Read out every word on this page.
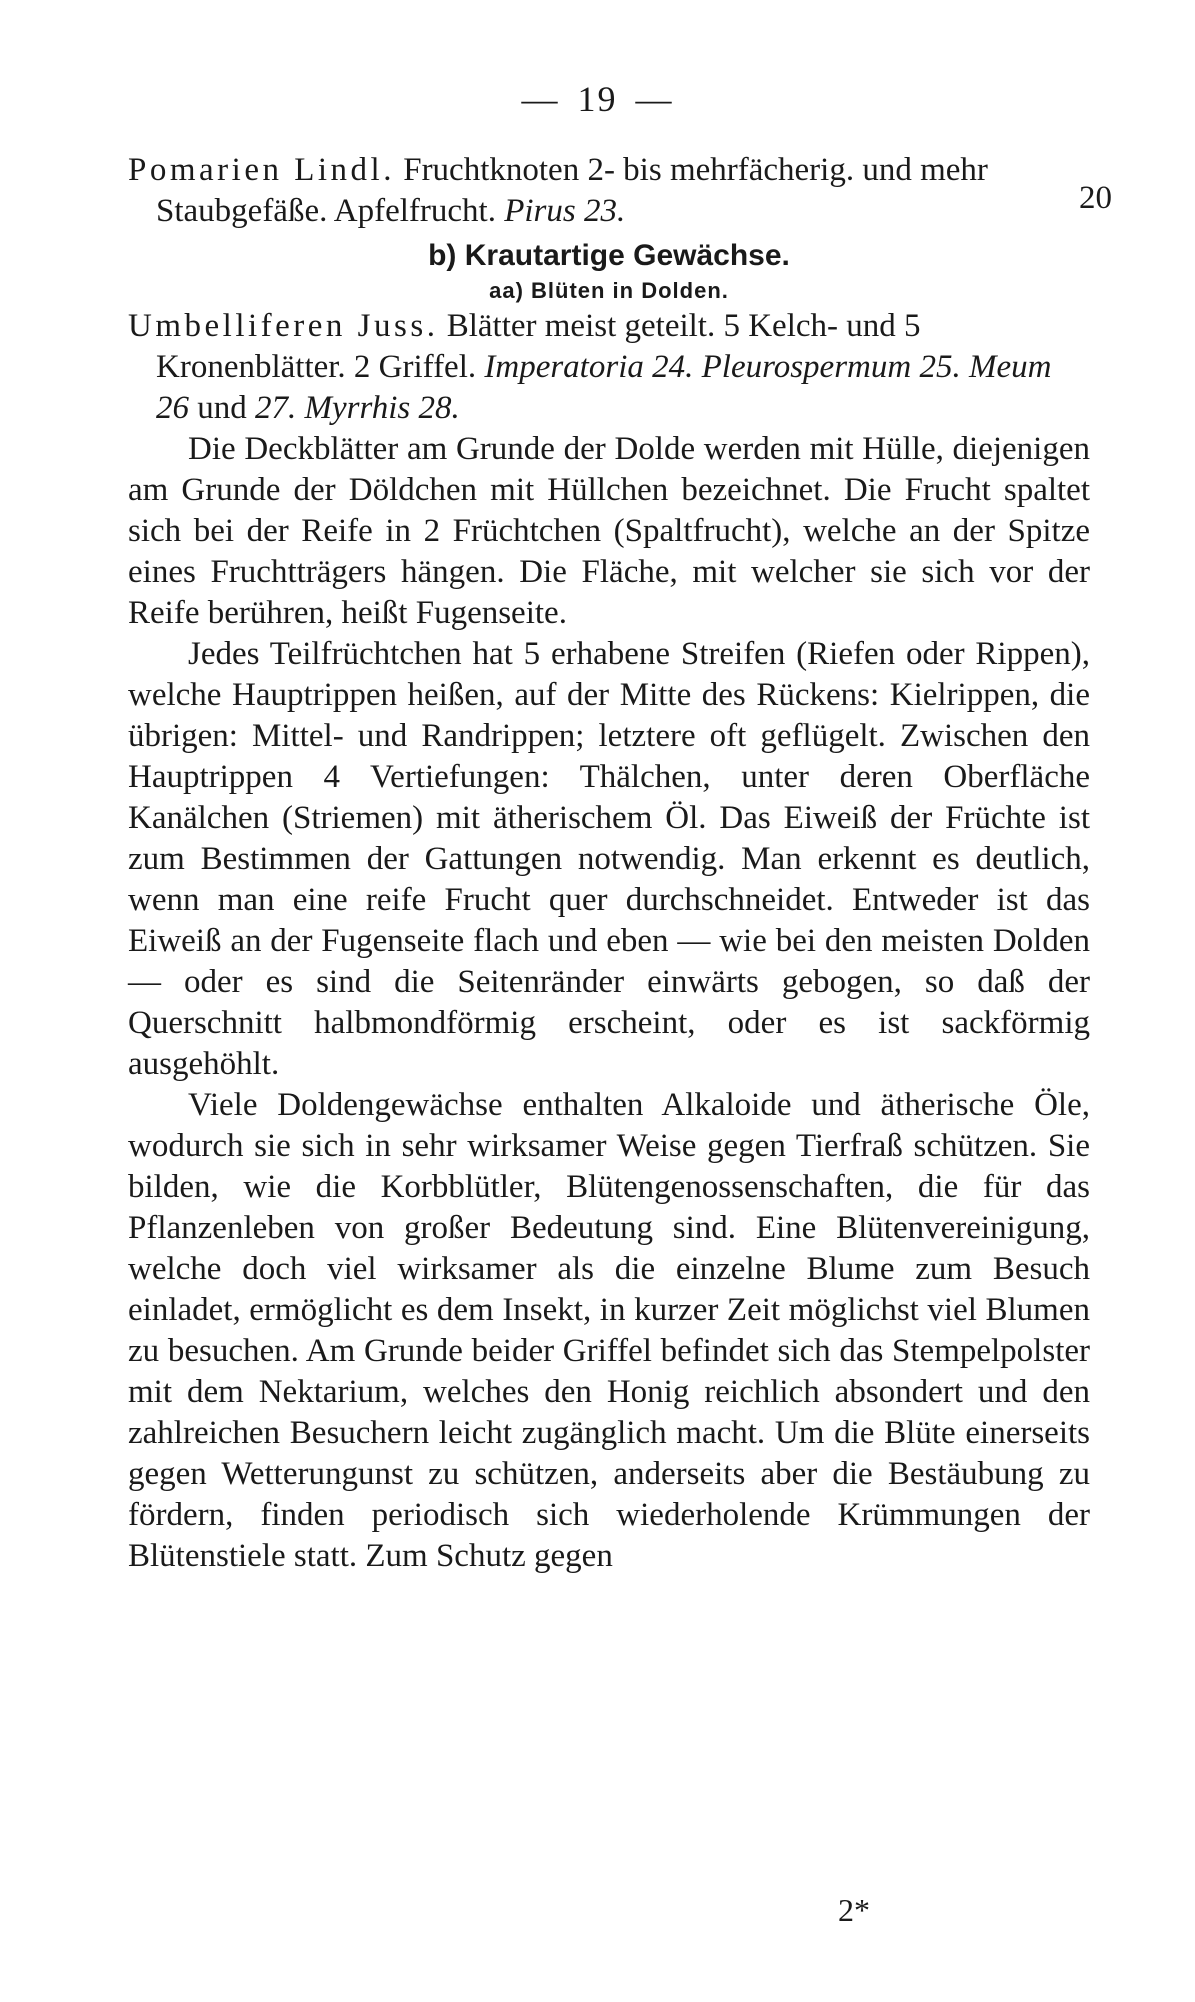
— 19 —

20
Pomarien Lindl. Fruchtknoten 2- bis mehrfächerig. und mehr Staubgefäße. Apfelfrucht. Pirus 23.

b) Krautartige Gewächse.
aa) Blüten in Dolden.

Umbelliferen Juss. Blätter meist geteilt. 5 Kelch- und 5 Kronenblätter. 2 Griffel. Imperatoria 24. Pleurospermum 25. Meum 26 und 27. Myrrhis 28.

Die Deckblätter am Grunde der Dolde werden mit Hülle, diejenigen am Grunde der Döldchen mit Hüllchen bezeichnet. Die Frucht spaltet sich bei der Reife in 2 Früchtchen (Spaltfrucht), welche an der Spitze eines Fruchtträgers hängen. Die Fläche, mit welcher sie sich vor der Reife berühren, heißt Fugenseite.

Jedes Teilfrüchtchen hat 5 erhabene Streifen (Riefen oder Rippen), welche Hauptrippen heißen, auf der Mitte des Rückens: Kielrippen, die übrigen: Mittel- und Randrippen; letztere oft geflügelt. Zwischen den Hauptrippen 4 Vertiefungen: Thälchen, unter deren Oberfläche Kanälchen (Striemen) mit ätherischem Öl. Das Eiweiß der Früchte ist zum Bestimmen der Gattungen notwendig. Man erkennt es deutlich, wenn man eine reife Frucht quer durchschneidet. Entweder ist das Eiweiß an der Fugenseite flach und eben — wie bei den meisten Dolden — oder es sind die Seitenränder einwärts gebogen, so daß der Querschnitt halbmondförmig erscheint, oder es ist sackförmig ausgehöhlt.

Viele Doldengewächse enthalten Alkaloide und ätherische Öle, wodurch sie sich in sehr wirksamer Weise gegen Tierfraß schützen. Sie bilden, wie die Korbblütler, Blütengenossenschaften, die für das Pflanzenleben von großer Bedeutung sind. Eine Blütenvereinigung, welche doch viel wirksamer als die einzelne Blume zum Besuch einladet, ermöglicht es dem Insekt, in kurzer Zeit möglichst viel Blumen zu besuchen. Am Grunde beider Griffel befindet sich das Stempelpolster mit dem Nektarium, welches den Honig reichlich absondert und den zahlreichen Besuchern leicht zugänglich macht. Um die Blüte einerseits gegen Wetterungunst zu schützen, anderseits aber die Bestäubung zu fördern, finden periodisch sich wiederholende Krümmungen der Blütenstiele statt. Zum Schutz gegen

2*
